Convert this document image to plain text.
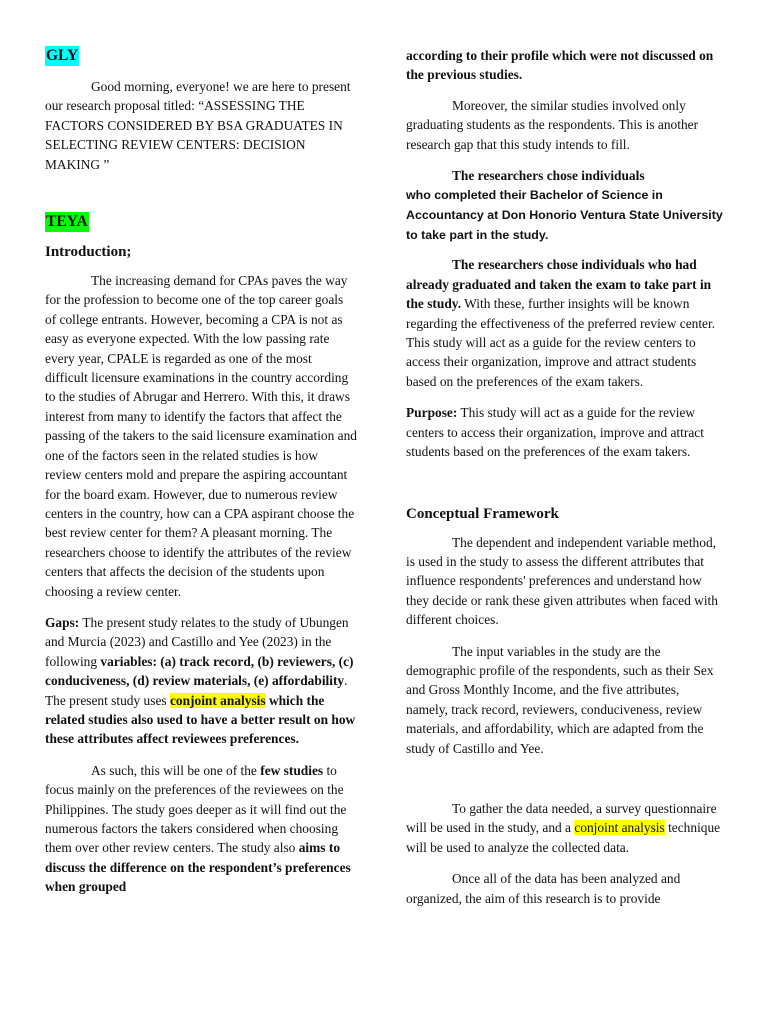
GLY

Good morning, everyone! we are here to present our research proposal titled: “ASSESSING THE FACTORS CONSIDERED BY BSA GRADUATES IN SELECTING REVIEW CENTERS: DECISION MAKING ”

TEYA
Introduction;

The increasing demand for CPAs paves the way for the profession to become one of the top career goals of college entrants. However, becoming a CPA is not as easy as everyone expected. With the low passing rate every year, CPALE is regarded as one of the most difficult licensure examinations in the country according to the studies of Abrugar and Herrero. With this, it draws interest from many to identify the factors that affect the passing of the takers to the said licensure examination and one of the factors seen in the related studies is how review centers mold and prepare the aspiring accountant for the board exam. However, due to numerous review centers in the country, how can a CPA aspirant choose the best review center for them? A pleasant morning. The researchers choose to identify the attributes of the review centers that affects the decision of the students upon choosing a review center.

Gaps: The present study relates to the study of Ubungen and Murcia (2023) and Castillo and Yee (2023) in the following variables: (a) track record, (b) reviewers, (c) conduciveness, (d) review materials, (e) affordability. The present study uses conjoint analysis which the related studies also used to have a better result on how these attributes affect reviewees preferences.

As such, this will be one of the few studies to focus mainly on the preferences of the reviewees on the Philippines. The study goes deeper as it will find out the numerous factors the takers considered when choosing them over other review centers. The study also aims to discuss the difference on the respondent’s preferences when grouped

according to their profile which were not discussed on the previous studies.

Moreover, the similar studies involved only graduating students as the respondents. This is another research gap that this study intends to fill.

The researchers chose individuals
who completed their Bachelor of Science in Accountancy at Don Honorio Ventura State University to take part in the study.

The researchers chose individuals who had already graduated and taken the exam to take part in the study. With these, further insights will be known regarding the effectiveness of the preferred review center. This study will act as a guide for the review centers to access their organization, improve and attract students based on the preferences of the exam takers.

Purpose: This study will act as a guide for the review centers to access their organization, improve and attract students based on the preferences of the exam takers.

Conceptual Framework

The dependent and independent variable method, is used in the study to assess the different attributes that influence respondents' preferences and understand how they decide or rank these given attributes when faced with different choices.

The input variables in the study are the demographic profile of the respondents, such as their Sex and Gross Monthly Income, and the five attributes, namely, track record, reviewers, conduciveness, review materials, and affordability, which are adapted from the study of Castillo and Yee.

To gather the data needed, a survey questionnaire will be used in the study, and a conjoint analysis technique will be used to analyze the collected data.

Once all of the data has been analyzed and organized, the aim of this research is to provide
